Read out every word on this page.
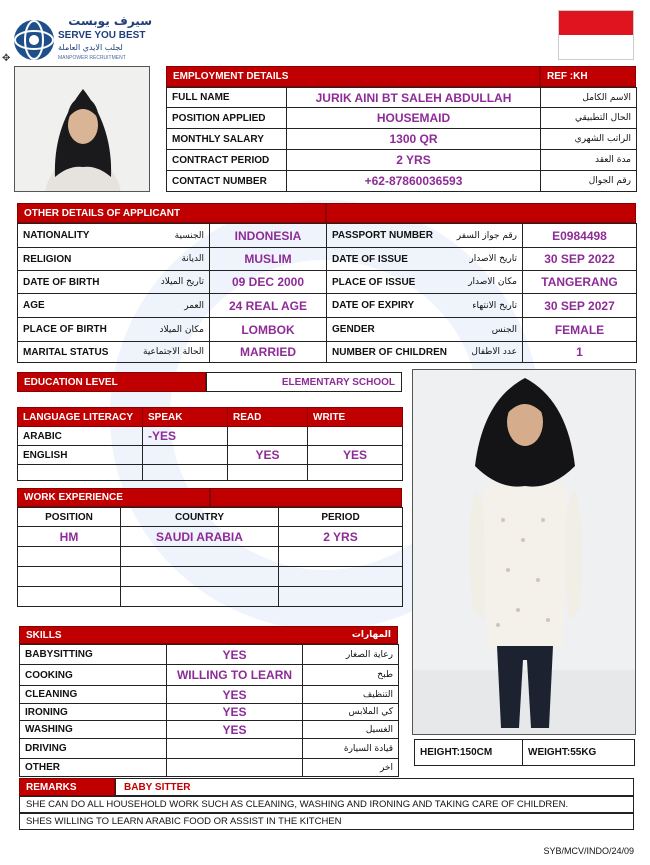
سيرف يوبست
SERVE YOU BEST
لجلب الايدي العاملة
MANPOWER RECRUITMENT
✥
EMPLOYMENT DETAILS	REF :KH
FULL NAME	JURIK AINI BT SALEH ABDULLAH	الاسم الكامل
POSITION APPLIED	HOUSEMAID	الحال التطبيقي
MONTHLY SALARY	1300 QR	الراتب الشهري
CONTRACT PERIOD	2 YRS	مدة العقد
CONTACT NUMBER	+62-87860036593	رقم الجوال
OTHER DETAILS OF APPLICANT
NATIONALITY الجنسية	INDONESIA	PASSPORT NUMBER رقم جواز السفر	E0984498

RELIGION الديانة	MUSLIM	DATE OF ISSUE تاريخ الاصدار	30 SEP 2022

DATE OF BIRTH تاريخ الميلاد	09 DEC 2000	PLACE OF ISSUE مكان الاصدار	TANGERANG

AGE العمر	24 REAL AGE	DATE OF EXPIRY تاريخ الانتهاء	30 SEP 2027

PLACE OF BIRTH مكان الميلاد	LOMBOK	GENDER الجنس	FEMALE

MARITAL STATUS الحالة الاجتماعية	MARRIED	NUMBER OF CHILDREN عدد الاطفال	1
EDUCATION LEVEL	ELEMENTARY SCHOOL
LANGUAGE LITERACY	SPEAK	READ	WRITE
ARABIC	-YES		
ENGLISH		YES	YES

WORK EXPERIENCE
POSITION	COUNTRY	PERIOD
HM	SAUDI ARABIA	2 YRS

SKILLS	المهارات
BABYSITTING	YES	رعاية الصغار
COOKING	WILLING TO LEARN	طبخ
CLEANING	YES	التنظيف
IRONING	YES	كي الملابس
WASHING	YES	الغسيل
DRIVING		قيادة السيارة
OTHER		اخر
HEIGHT:150CM	WEIGHT:55KG
REMARKS	BABY SITTER
SHE CAN DO ALL HOUSEHOLD WORK SUCH AS CLEANING, WASHING AND IRONING AND TAKING CARE OF CHILDREN.
SHES WILLING TO LEARN ARABIC FOOD OR ASSIST IN THE KITCHEN
SYB/MCV/INDO/24/09
